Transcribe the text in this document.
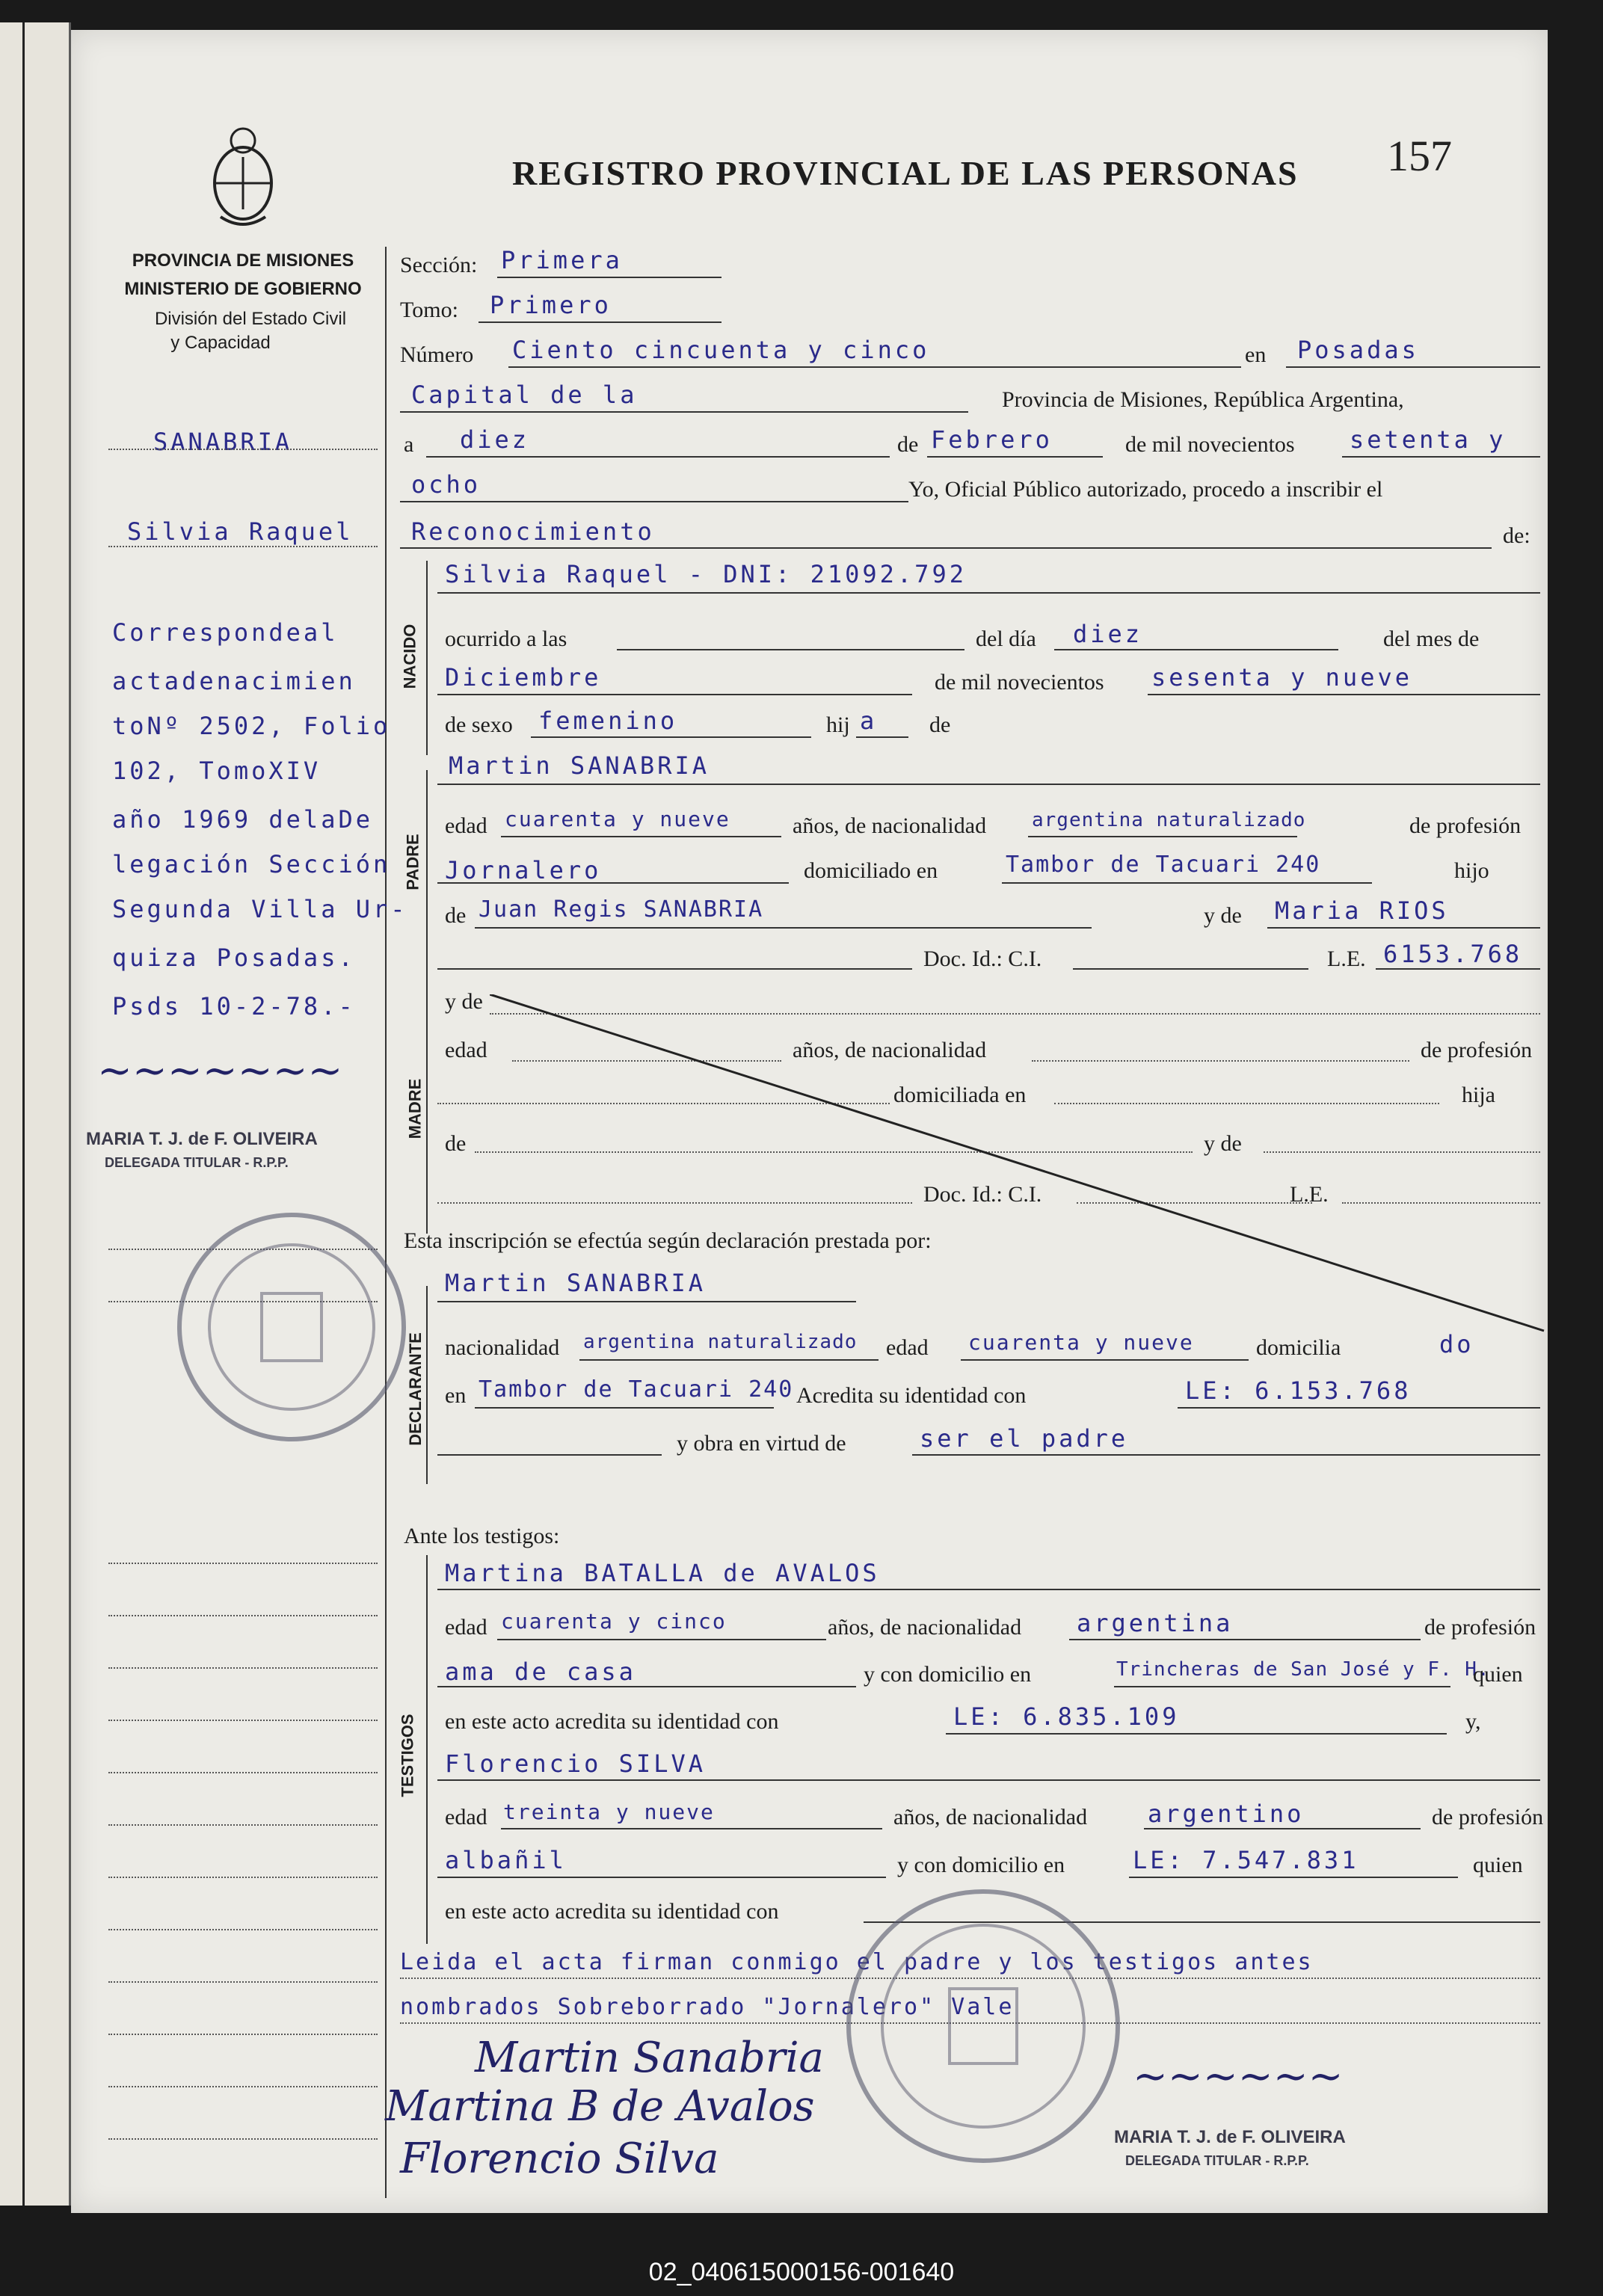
PROVINCIA DE MISIONES
MINISTERIO DE GOBIERNO
División del Estado Civil
y Capacidad
REGISTRO PROVINCIAL DE LAS PERSONAS 157
NACIDO
PADRE
MADRE
DECLARANTE
TESTIGOS
SANABRIA
Silvia Raquel
Correspondeal
actadenacimien
toNº 2502, Folio
102, TomoXIV
año 1969 delaDe
legación Sección
Segunda Villa Ur-
quiza Posadas.
Psds 10-2-78.-
~~~~~~~
MARIA T. J. de F. OLIVEIRA
DELEGADA TITULAR - R.P.P.
Sección: Primera
Tomo: Primero
Número Ciento cincuenta y cinco	en Posadas
Capital de la	Provincia de Misiones, República Argentina,
a diez	de Febrero	de mil novecientos setenta y
ocho	Yo, Oficial Público autorizado, procedo a inscribir el
Reconocimiento	de:
Silvia Raquel - DNI: 21092.792
ocurrido a las	del día diez	del mes de
Diciembre	de mil novecientos sesenta y nueve
de sexo femenino	hij a de
Martin SANABRIA
edad cuarenta y nueve	años, de nacionalidad argentina naturalizado	de profesión
Jornalero	domiciliado en	Tambor de Tacuari 240	hijo
de Juan Regis SANABRIA	y de Maria RIOS
Doc. Id.: C.I.	L.E. 6153.768
y de
edad	años, de nacionalidad	de profesión
domiciliada en	hija
de	y de
Doc. Id.: C.I.	L.E.
Esta inscripción se efectúa según declaración prestada por:
Martin SANABRIA
nacionalidad argentina naturalizado edad cuarenta y nueve	domicilia	do
en Tambor de Tacuari 240 Acredita su identidad con	LE: 6.153.768
y obra en virtud de	ser el padre
Ante los testigos:
Martina BATALLA de AVALOS
edad cuarenta y cinco	años, de nacionalidad argentina	de profesión
ama de casa	y con domicilio en	Trincheras de San José y F. H.
quien
en este acto acredita su identidad con	LE: 6.835.109	y,
Florencio SILVA
edad treinta y nueve	años, de nacionalidad	argentino	de profesión
albañil	y con domicilio en	LE: 7.547.831	quien
en este acto acredita su identidad con
Leida el acta firman conmigo el padre y los testigos antes
nombrados Sobreborrado "Jornalero" Vale
Martin Sanabria
Martina B de Avalos
Florencio Silva
~~~~~~
MARIA T. J. de F. OLIVEIRA
DELEGADA TITULAR - R.P.P.
02_040615000156-001640
